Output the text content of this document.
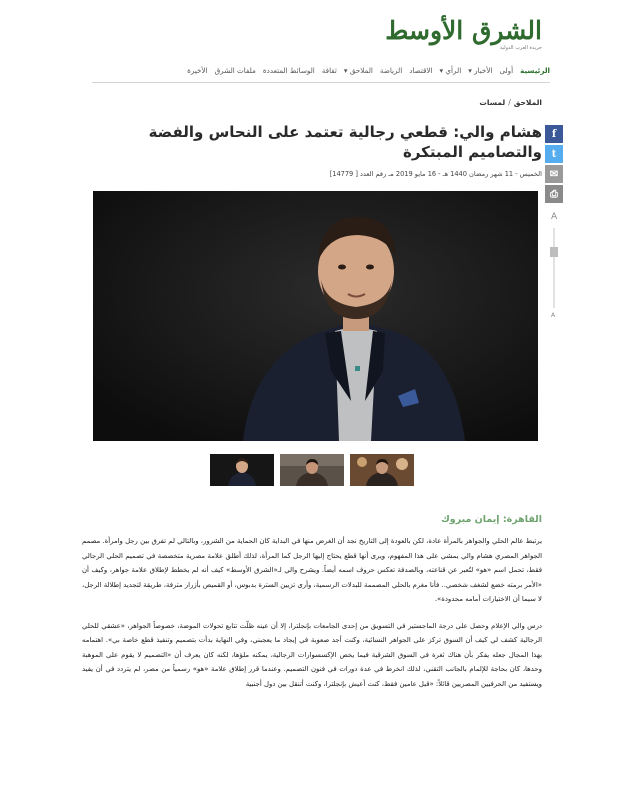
الشرق الأوسط
جريدة العرب الدولية
الرئيسية
أولى
الأخبار ▾
الرأي ▾
الاقتصاد
الرياضة
الملاحق ▾
ثقافة
الوسائط المتعددة
ملفات الشرق
الأخيرة
الملاحق
/
لمسات
هشام والي: قطعي رجالية تعتمد على النحاس والفضة والتصاميم المبتكرة
الخميس - 11 شهر رمضان 1440 هـ - 16 مايو 2019 مـ رقم العدد [ 14779]
f
t
✉
⎙
A
A
القاهرة: إيمان مبروك

يرتبط عالم الحلي والجواهر بالمرأة عادة، لكن بالعودة إلى التاريخ نجد أن الغرض منها في البداية كان الحماية من الشرور، وبالتالي لم تفرق بين رجل وامرأة. مصمم الجواهر المصري هشام والي يمشي على هذا المفهوم، ويرى أنها قطع يحتاج إليها الرجل كما المرأة، لذلك أطلق علامة مصرية متخصصة في تصميم الحلي الرجالي فقط، تحمل اسم «هو» لتُعبر عن قناعته، وبالصدفة تعكس حروف اسمه أيضاً. ويشرح والي لـ«الشرق الأوسط» كيف أنه لم يخطط لإطلاق علامة جواهر، وكيف أن «الأمر برمته خضع لشغف شخصي.. فأنا مغرم بالحلي المصممة للبدلات الرسمية، وأرى تزيين السترة بدبوس، أو القميص بأزرار مترفة، طريقة لتجديد إطلالة الرجل، لا سيما أن الاختيارات أمامه محدودة».

درس والي الإعلام وحصل على درجة الماجستير في التسويق من إحدى الجامعات بإنجلترا، إلا أن عينه ظلّت تتابع تحولات الموضة، خصوصاً الجواهر، «عشقي للحلي الرجالية كشف لي كيف أن السوق تركز على الجواهر النسائية، وكنت أجد صعوبة في إيجاد ما يعجبني، وفي النهاية بدأت بتصميم وتنفيذ قطع خاصة بي». اهتمامه بهذا المجال جعله يفكر بأن هناك ثغرة في السوق الشرقية فيما يخص الإكسسوارات الرجالية، يمكنه ملؤها، لكنه كان يعرف أن «التصميم لا يقوم على الموهبة وحدها، كان بحاجة للإلمام بالجانب التقني، لذلك انخرط في عدة دورات في فنون التصميم. وعندما قرر إطلاق علامة «هو» رسمياً من مصر، لم يتردد في أن يفيد ويستفيد من الحرفيين المصريين قائلاً: «قبل عامين فقط، كنت أعيش بإنجلترا، وكنت أتنقل بين دول أجنبية
